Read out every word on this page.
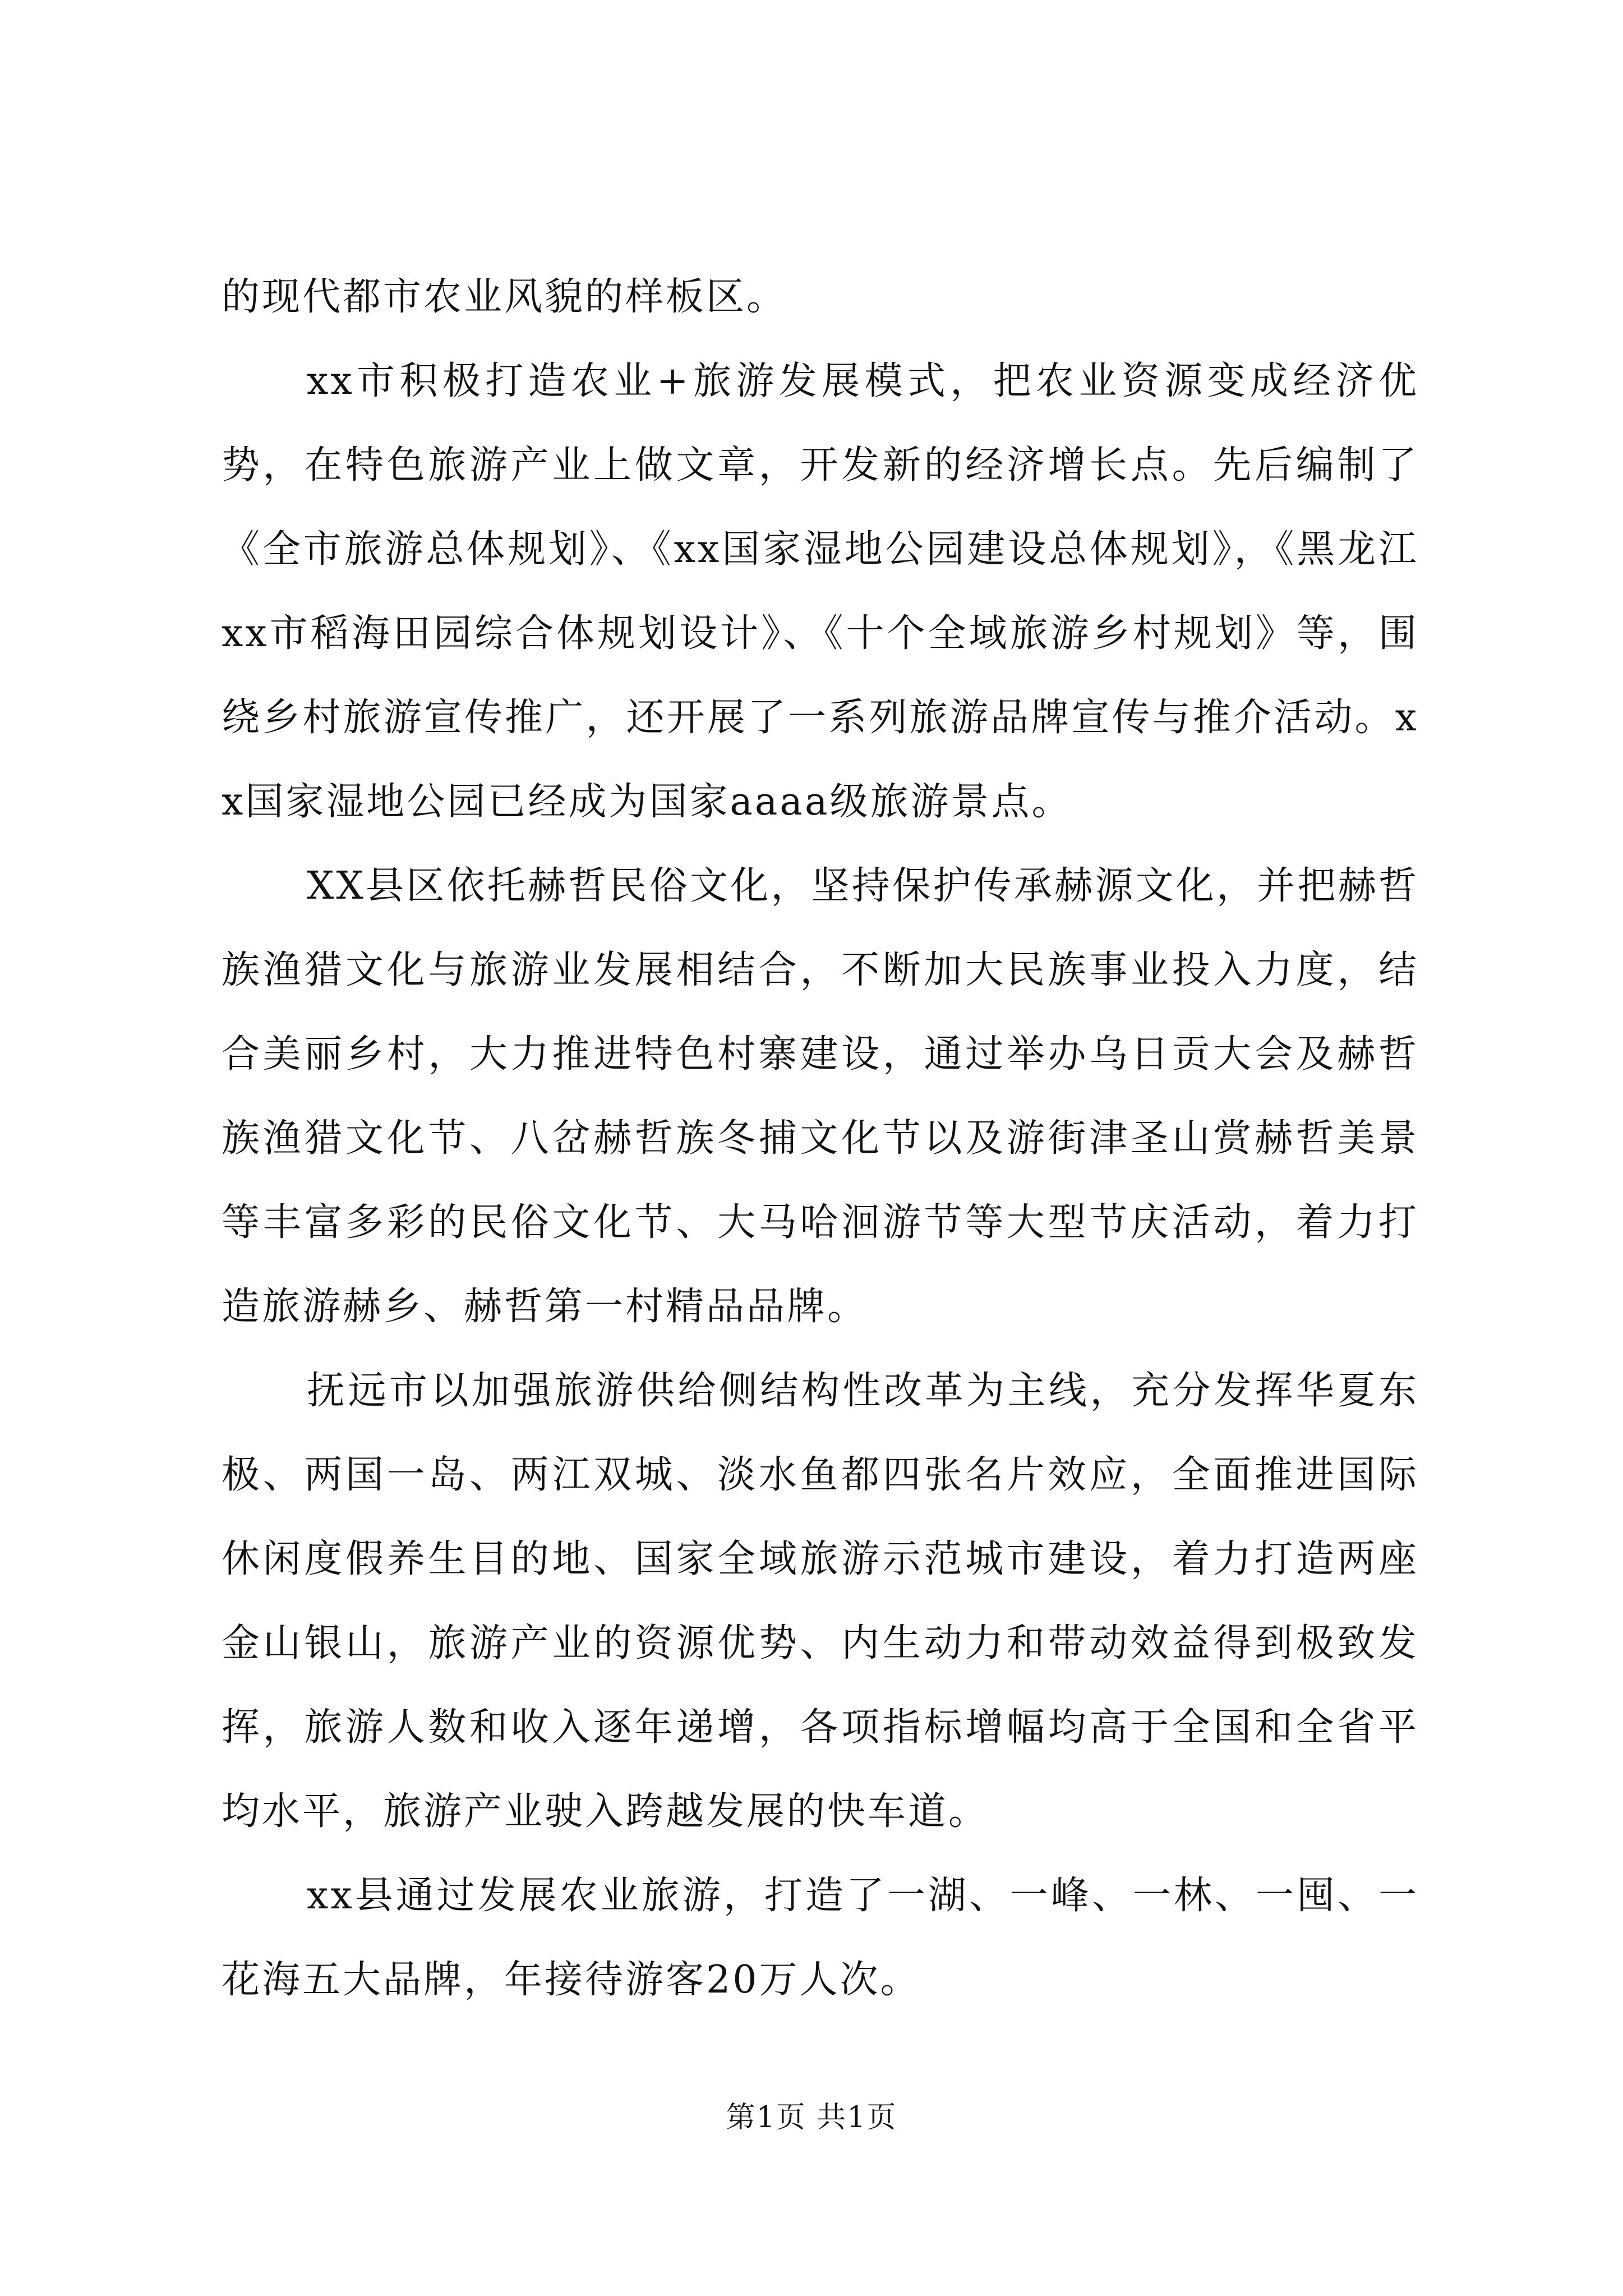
的现代都市农业风貌的样板区。

xx市积极打造农业+旅游发展模式，把农业资源变成经济优势，在特色旅游产业上做文章，开发新的经济增长点。先后编制了《全市旅游总体规划》、《xx国家湿地公园建设总体规划》，《黑龙江xx市稻海田园综合体规划设计》、《十个全域旅游乡村规划》等，围绕乡村旅游宣传推广，还开展了一系列旅游品牌宣传与推介活动。xx国家湿地公园已经成为国家aaaa级旅游景点。

XX县区依托赫哲民俗文化，坚持保护传承赫源文化，并把赫哲族渔猎文化与旅游业发展相结合，不断加大民族事业投入力度，结合美丽乡村，大力推进特色村寨建设，通过举办乌日贡大会及赫哲族渔猎文化节、八岔赫哲族冬捕文化节以及游街津圣山赏赫哲美景等丰富多彩的民俗文化节、大马哈洄游节等大型节庆活动，着力打造旅游赫乡、赫哲第一村精品品牌。

抚远市以加强旅游供给侧结构性改革为主线，充分发挥华夏东极、两国一岛、两江双城、淡水鱼都四张名片效应，全面推进国际休闲度假养生目的地、国家全域旅游示范城市建设，着力打造两座金山银山，旅游产业的资源优势、内生动力和带动效益得到极致发挥，旅游人数和收入逐年递增，各项指标增幅均高于全国和全省平均水平，旅游产业驶入跨越发展的快车道。

xx县通过发展农业旅游，打造了一湖、一峰、一林、一囤、一花海五大品牌，年接待游客20万人次。

第1页 共1页
